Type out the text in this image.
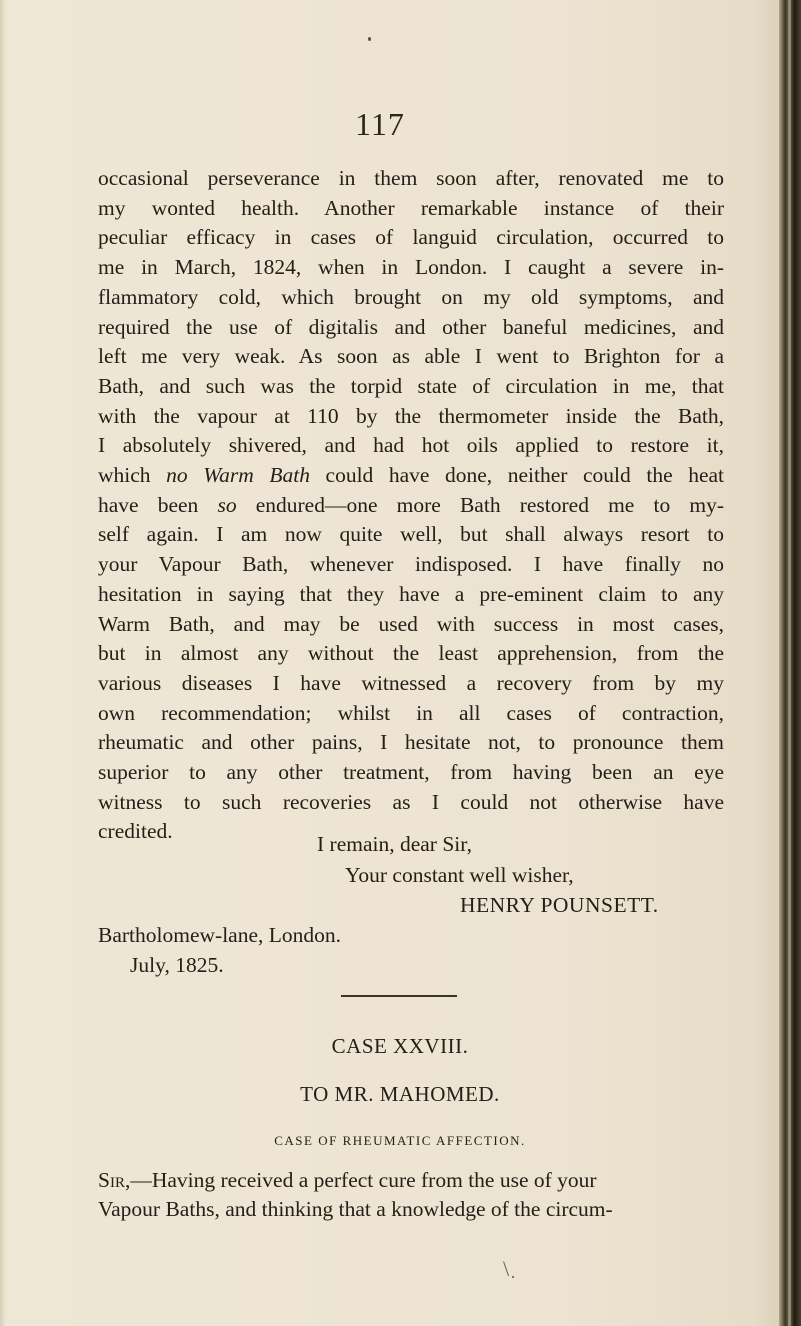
117
occasional perseverance in them soon after, renovated me to
my wonted health. Another remarkable instance of their
peculiar efficacy in cases of languid circulation, occurred to
me in March, 1824, when in London. I caught a severe in-
flammatory cold, which brought on my old symptoms, and
required the use of digitalis and other baneful medicines, and
left me very weak. As soon as able I went to Brighton for a
Bath, and such was the torpid state of circulation in me, that
with the vapour at 110 by the thermometer inside the Bath,
I absolutely shivered, and had hot oils applied to restore it,
which no Warm Bath could have done, neither could the heat
have been so endured—one more Bath restored me to my-
self again. I am now quite well, but shall always resort to
your Vapour Bath, whenever indisposed. I have finally no
hesitation in saying that they have a pre-eminent claim to any
Warm Bath, and may be used with success in most cases,
but in almost any without the least apprehension, from the
various diseases I have witnessed a recovery from by my
own recommendation; whilst in all cases of contraction,
rheumatic and other pains, I hesitate not, to pronounce them
superior to any other treatment, from having been an eye
witness to such recoveries as I could not otherwise have
credited.
I remain, dear Sir,
Your constant well wisher,
HENRY POUNSETT.
Bartholomew-lane, London.
July, 1825.
CASE XXVIII.
TO MR. MAHOMED.
CASE OF RHEUMATIC AFFECTION.
Sir,—Having received a perfect cure from the use of your
Vapour Baths, and thinking that a knowledge of the circum-
\
